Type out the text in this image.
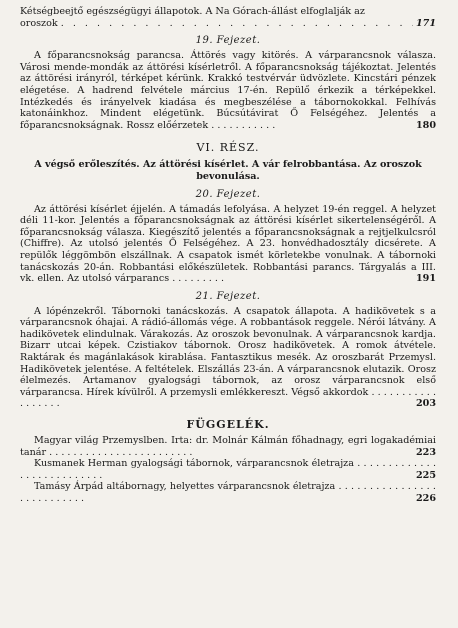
Kétségbeejtő egészségügyi állapotok. A Na Górach-állást elfoglalják az

oroszok . . .	171

19. Fejezet.

A főparancsnokság parancsa. Áttörés vagy kitörés. A várparancsnok válasza. Városi mende-mondák az áttörési kísérletről. A főparancsnokság tájékoztat. Jelentés az áttörési irányról, térképet kérünk. Krakkó testvérvár üdvözlete. Kincstári pénzek elégetése. A hadrend felvétele március 17-én. Repülő érkezik a térképekkel. Intézkedés és irányelvek kiadása és megbeszélése a tábornokokkal. Felhívás katonáinkhoz. Mindent elégetünk. Búcsútávirat Ő Felségéhez. Jelentés a főparancsnokságnak. Rossz előérzetek . . . . . . . . . . .	180

VI. RÉSZ.

A végső erőleszítés. Az áttörési kísérlet. A vár felrobbantása. Az oroszok bevonulása.

20. Fejezet.

Az áttörési kísérlet éjjelén. A támadás lefolyása. A helyzet 19-én reggel. A helyzet déli 11-kor. Jelentés a főparancsnokságnak az áttörési kísérlet sikertelenségéről. A főparancsnokság válasza. Kiegészítő jelentés a főparancsnokságnak a rejtjelkulcsról (Chiffre). Az utolsó jelentés Ő Felségéhez. A 23. honvédhadosztály dicsérete. A repülők léggömbön elszállnak. A csapatok ismét körletekbe vonulnak. A tábornoki tanácskozás 20-án. Robbantási előkészületek. Robbantási parancs. Tárgyalás a III. vk. ellen. Az utolsó várparancs . . . . . . . . .	191

21. Fejezet.

A lópénzekről. Tábornoki tanácskozás. A csapatok állapota. A hadikövetek s a várparancsnok óhajai. A rádió-állomás vége. A robbantások reggele. Nérói látvány. A hadikövetek elindulnak. Várakozás. Az oroszok bevonulnak. A várparancsnok kardja. Bizarr utcai képek. Czistiakov tábornok. Orosz hadikövetek. A romok átvétele. Raktárak és magánlakások kirablása. Fantasztikus mesék. Az oroszbarát Przemysl. Hadikövetek jelentése. A feltételek. Elszállás 23-án. A várparancsnok elutazik. Orosz élelmezés. Artamanov gyalogsági tábornok, az orosz várparancsnok első várparancsa. Hírek kívülről. A przemysli emlékkereszt. Végső akkordok . . . . . . . . . . . . . . . . . .	203

FÜGGELÉK.

Magyar világ Przemyslben. Irta: dr. Molnár Kálmán főhadnagy, egri logakadémiai tanár . . . . . . . . . . . . . . . . . . . . . . . .	223

Kusmanek Herman gyalogsági tábornok, várparancsnok életrajza . . . . . . . . . . . . . . . . . . . . . . . . . . .	225

Tamásy Árpád altábornagy, helyettes várparancsnok életrajza . . . . . . . . . . . . . . . . . . . . . . . . . . .	226
